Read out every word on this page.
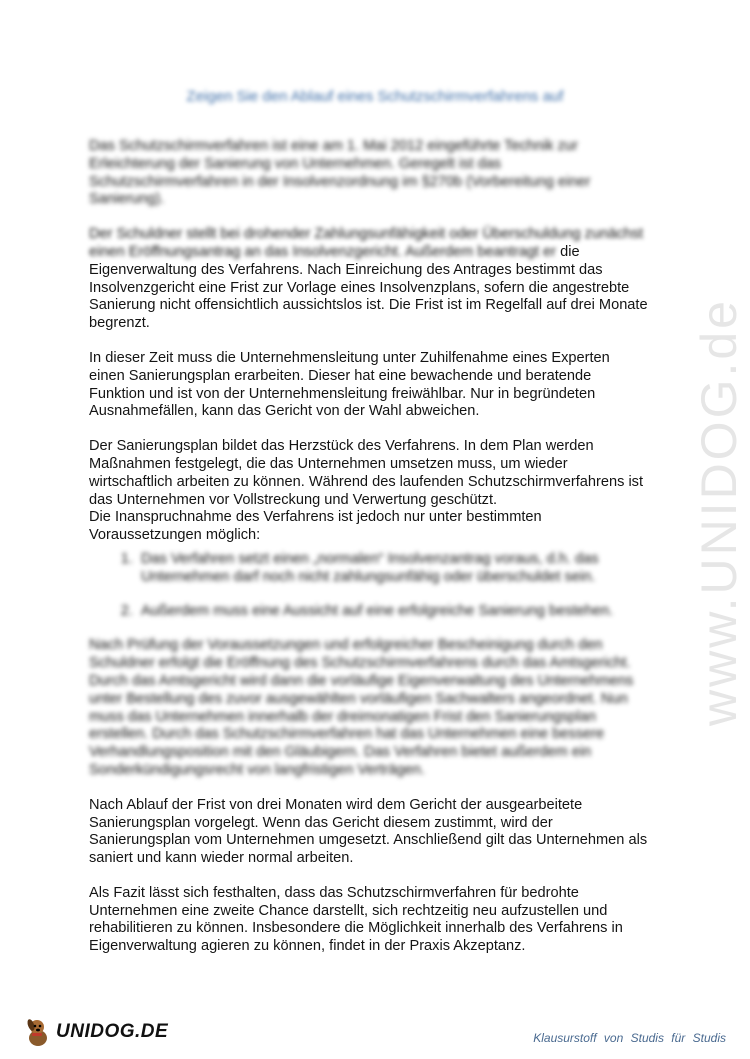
Zeigen Sie den Ablauf eines Schutzschirmverfahrens auf

Das Schutzschirmverfahren ist eine am 1. Mai 2012 eingeführte Technik zur Erleichterung der Sanierung von Unternehmen. Geregelt ist das Schutzschirmverfahren in der Insolvenzordnung im §270b (Vorbereitung einer Sanierung).

Der Schuldner stellt bei drohender Zahlungsunfähigkeit oder Überschuldung zunächst einen Eröffnungsantrag an das Insolvenzgericht. Außerdem beantragt er die Eigenverwaltung des Verfahrens. Nach Einreichung des Antrages bestimmt das Insolvenzgericht eine Frist zur Vorlage eines Insolvenzplans, sofern die angestrebte Sanierung nicht offensichtlich aussichtslos ist. Die Frist ist im Regelfall auf drei Monate begrenzt.

In dieser Zeit muss die Unternehmensleitung unter Zuhilfenahme eines Experten einen Sanierungsplan erarbeiten. Dieser hat eine bewachende und beratende Funktion und ist von der Unternehmensleitung freiwählbar. Nur in begründeten Ausnahmefällen, kann das Gericht von der Wahl abweichen.

Der Sanierungsplan bildet das Herzstück des Verfahrens. In dem Plan werden Maßnahmen festgelegt, die das Unternehmen umsetzen muss, um wieder wirtschaftlich arbeiten zu können. Während des laufenden Schutzschirmverfahrens ist das Unternehmen vor Vollstreckung und Verwertung geschützt.

Die Inanspruchnahme des Verfahrens ist jedoch nur unter bestimmten Voraussetzungen möglich:

1. Das Verfahren setzt einen „normalen“ Insolvenzantrag voraus, d.h. das Unternehmen darf noch nicht zahlungsunfähig oder überschuldet sein.
2. Außerdem muss eine Aussicht auf eine erfolgreiche Sanierung bestehen.

Nach Prüfung der Voraussetzungen und erfolgreicher Bescheinigung durch den Schuldner erfolgt die Eröffnung des Schutzschirmverfahrens durch das Amtsgericht. Durch das Amtsgericht wird dann die vorläufige Eigenverwaltung des Unternehmens unter Bestellung des zuvor ausgewählten vorläufigen Sachwalters angeordnet. Nun muss das Unternehmen innerhalb der dreimonatigen Frist den Sanierungsplan erstellen. Durch das Schutzschirmverfahren hat das Unternehmen eine bessere Verhandlungsposition mit den Gläubigern. Das Verfahren bietet außerdem ein Sonderkündigungsrecht von langfristigen Verträgen.

Nach Ablauf der Frist von drei Monaten wird dem Gericht der ausgearbeitete Sanierungsplan vorgelegt. Wenn das Gericht diesem zustimmt, wird der Sanierungsplan vom Unternehmen umgesetzt. Anschließend gilt das Unternehmen als saniert und kann wieder normal arbeiten.

Als Fazit lässt sich festhalten, dass das Schutzschirmverfahren für bedrohte Unternehmen eine zweite Chance darstellt, sich rechtzeitig neu aufzustellen und rehabilitieren zu können. Insbesondere die Möglichkeit innerhalb des Verfahrens in Eigenverwaltung agieren zu können, findet in der Praxis Akzeptanz.

www.UNIDOG.de
UNIDOG.DE	Klausurstoff von Studis für Studis
